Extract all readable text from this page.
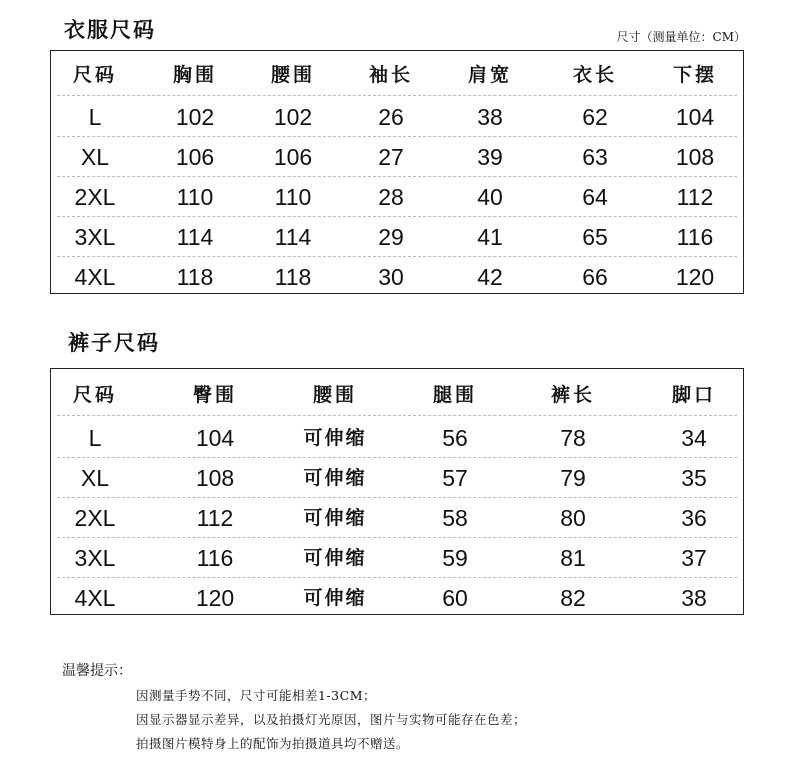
衣服尺码	尺寸（测量单位：CM）
尺码	胸围	腰围	袖长	肩宽	衣长	下摆
L	102	102	26	38	62	104
XL	106	106	27	39	63	108
2XL	110	110	28	40	64	112
3XL	114	114	29	41	65	116
4XL	118	118	30	42	66	120
裤子尺码
尺码	臀围	腰围	腿围	裤长	脚口
L	104	可伸缩	56	78	34
XL	108	可伸缩	57	79	35
2XL	112	可伸缩	58	80	36
3XL	116	可伸缩	59	81	37
4XL	120	可伸缩	60	82	38
温馨提示：
因测量手势不同，尺寸可能相差1-3CM；
因显示器显示差异，以及拍摄灯光原因，图片与实物可能存在色差；
拍摄图片模特身上的配饰为拍摄道具均不赠送。
